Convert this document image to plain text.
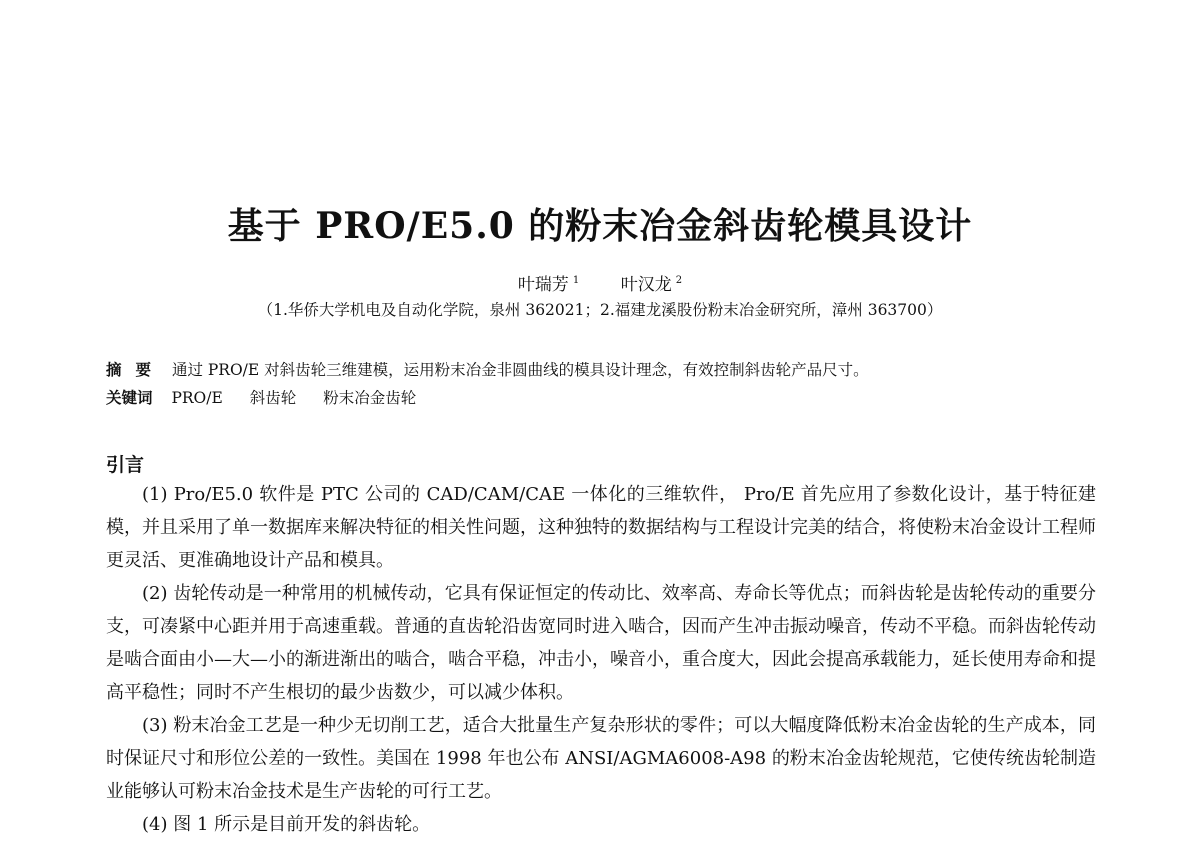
基于 PRO/E5.0 的粉末冶金斜齿轮模具设计
叶瑞芳 $^1$ 叶汉龙 $^2$
（1.华侨大学机电及自动化学院，泉州 362021；2.福建龙溪股份粉末冶金研究所，漳州 363700）
摘要 通过 PRO/E 对斜齿轮三维建模，运用粉末冶金非圆曲线的模具设计理念，有效控制斜齿轮产品尺寸。
关键词 PRO/E 斜齿轮 粉末冶金齿轮
引言

(1) Pro/E5.0 软件是 PTC 公司的 CAD/CAM/CAE 一体化的三维软件， Pro/E 首先应用了参数化设计，基于特征建模，并且采用了单一数据库来解决特征的相关性问题，这种独特的数据结构与工程设计完美的结合，将使粉末冶金设计工程师更灵活、更准确地设计产品和模具。

(2) 齿轮传动是一种常用的机械传动，它具有保证恒定的传动比、效率高、寿命长等优点；而斜齿轮是齿轮传动的重要分支，可凑紧中心距并用于高速重载。普通的直齿轮沿齿宽同时进入啮合，因而产生冲击振动噪音，传动不平稳。而斜齿轮传动是啮合面由小—大—小的渐进渐出的啮合，啮合平稳，冲击小，噪音小，重合度大，因此会提高承载能力，延长使用寿命和提高平稳性；同时不产生根切的最少齿数少，可以减少体积。

(3) 粉末冶金工艺是一种少无切削工艺，适合大批量生产复杂形状的零件；可以大幅度降低粉末冶金齿轮的生产成本，同时保证尺寸和形位公差的一致性。美国在 1998 年也公布 ANSI/AGMA6008-A98 的粉末冶金齿轮规范，它使传统齿轮制造业能够认可粉末冶金技术是生产齿轮的可行工艺。

(4) 图 1 所示是目前开发的斜齿轮。
